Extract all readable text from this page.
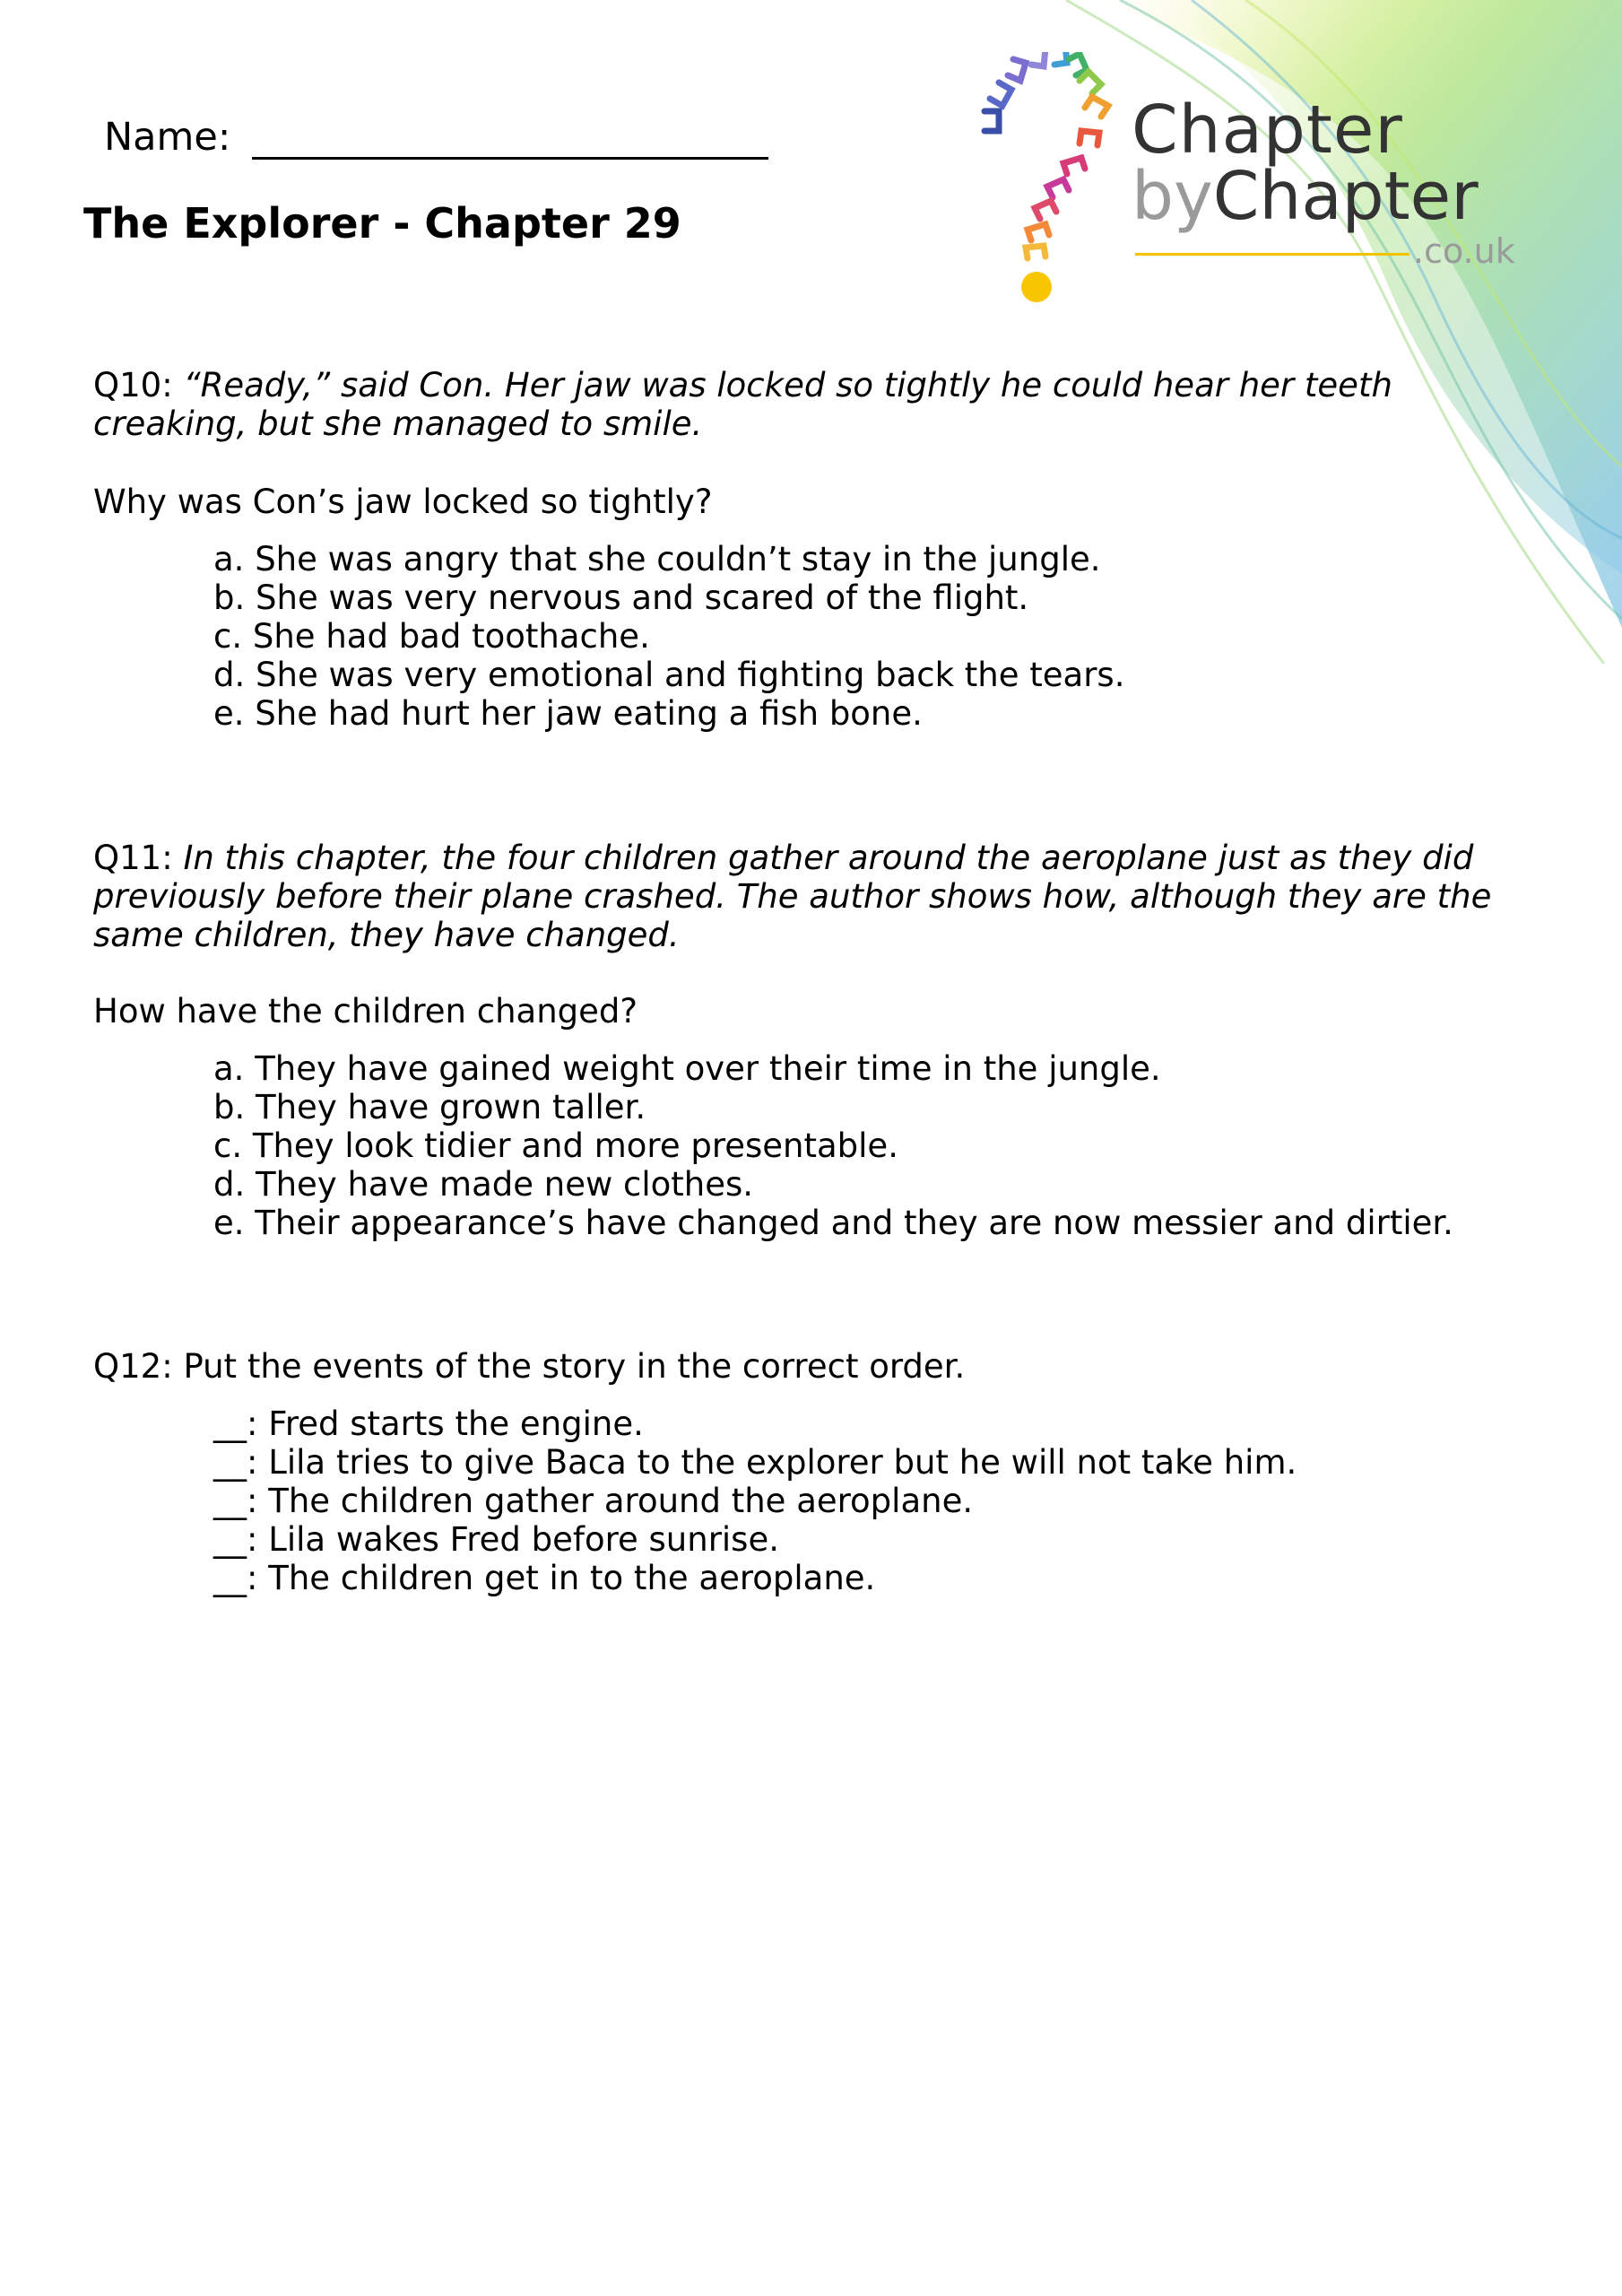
Name:
The Explorer - Chapter 29
Chapter
byChapter
.co.uk
Q10: “Ready,” said Con. Her jaw was locked so tightly he could hear her teeth creaking, but she managed to smile.
Why was Con’s jaw locked so tightly?
a. She was angry that she couldn’t stay in the jungle.
b. She was very nervous and scared of the flight.
c. She had bad toothache.
d. She was very emotional and fighting back the tears.
e. She had hurt her jaw eating a fish bone.
Q11: In this chapter, the four children gather around the aeroplane just as they did previously before their plane crashed. The author shows how, although they are the same children, they have changed.
How have the children changed?
a. They have gained weight over their time in the jungle.
b. They have grown taller.
c. They look tidier and more presentable.
d. They have made new clothes.
e. Their appearance’s have changed and they are now messier and dirtier.
Q12: Put the events of the story in the correct order.
__: Fred starts the engine.
__: Lila tries to give Baca to the explorer but he will not take him.
__: The children gather around the aeroplane.
__: Lila wakes Fred before sunrise.
__: The children get in to the aeroplane.
